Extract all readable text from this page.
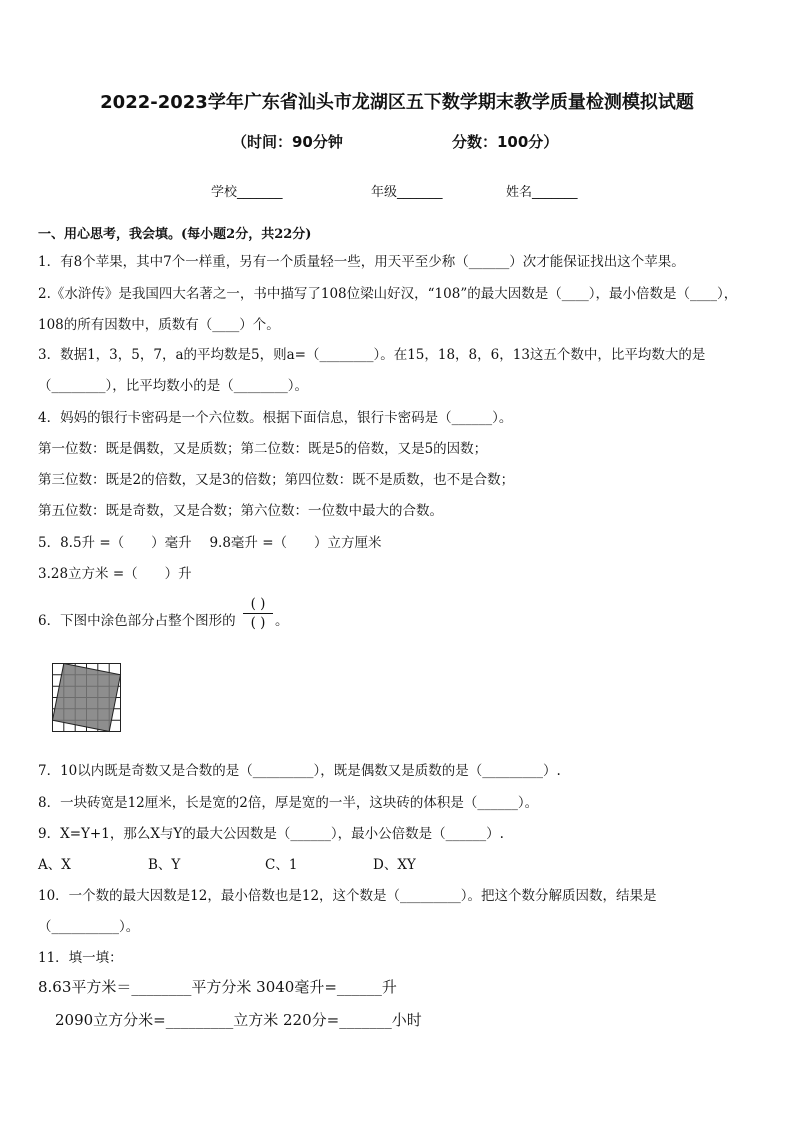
2022-2023学年广东省汕头市龙湖区五下数学期末教学质量检测模拟试题
（时间：90分钟	分数：100分）
学校_______	年级_______	姓名_______
一、用心思考，我会填。(每小题2分，共22分)
1．有8个苹果，其中7个一样重，另有一个质量轻一些，用天平至少称（______）次才能保证找出这个苹果。
2.《水浒传》是我国四大名著之一，书中描写了108位梁山好汉，“108”的最大因数是（____），最小倍数是（____），
108的所有因数中，质数有（____）个。
3．数据1，3，5，7，a的平均数是5，则a=（________）。在15，18，8，6，13这五个数中，比平均数大的是
（________），比平均数小的是（________）。
4．妈妈的银行卡密码是一个六位数。根据下面信息，银行卡密码是（______）。
第一位数：既是偶数，又是质数；第二位数：既是5的倍数，又是5的因数；
第三位数：既是2的倍数，又是3的倍数；第四位数：既不是质数，也不是合数；
第五位数：既是奇数，又是合数；第六位数：一位数中最大的合数。
5．8.5升 =（　　）毫升　 9.8毫升 =（　　）立方厘米
3.28立方米 =（　　）升
6．下图中涂色部分占整个图形的
( )
( ) 。
7．10以内既是奇数又是合数的是（_________），既是偶数又是质数的是（_________）.
8．一块砖宽是12厘米，长是宽的2倍，厚是宽的一半，这块砖的体积是（______）。
9．X=Y+1，那么X与Y的最大公因数是（______），最小公倍数是（______）.
A、X	B、Y	C、1	D、XY
10．一个数的最大因数是12，最小倍数也是12，这个数是（_________）。把这个数分解质因数，结果是
（__________）。
11．填一填：
8.63平方米＝________平方分米 3040毫升=______升
2090立方分米=_________立方米 220分=_______小时
